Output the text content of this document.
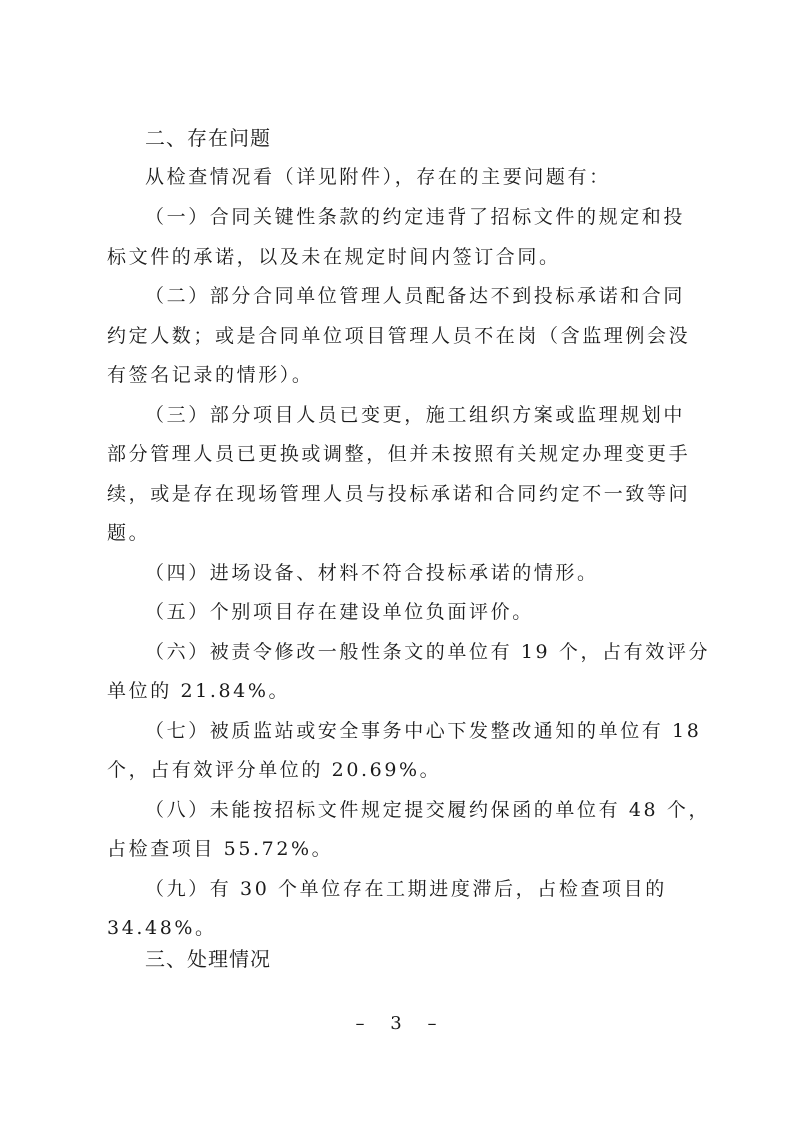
二、存在问题
从检查情况看（详见附件），存在的主要问题有：
（一）合同关键性条款的约定违背了招标文件的规定和投
标文件的承诺，以及未在规定时间内签订合同。
（二）部分合同单位管理人员配备达不到投标承诺和合同
约定人数；或是合同单位项目管理人员不在岗（含监理例会没
有签名记录的情形）。
（三）部分项目人员已变更，施工组织方案或监理规划中
部分管理人员已更换或调整，但并未按照有关规定办理变更手
续，或是存在现场管理人员与投标承诺和合同约定不一致等问
题。
（四）进场设备、材料不符合投标承诺的情形。
（五）个别项目存在建设单位负面评价。
（六）被责令修改一般性条文的单位有 19 个，占有效评分
单位的 21.84%。
（七）被质监站或安全事务中心下发整改通知的单位有 18
个，占有效评分单位的 20.69%。
（八）未能按招标文件规定提交履约保函的单位有 48 个，
占检查项目 55.72%。
（九）有 30 个单位存在工期进度滞后，占检查项目的
34.48%。
三、处理情况
– 3 –
